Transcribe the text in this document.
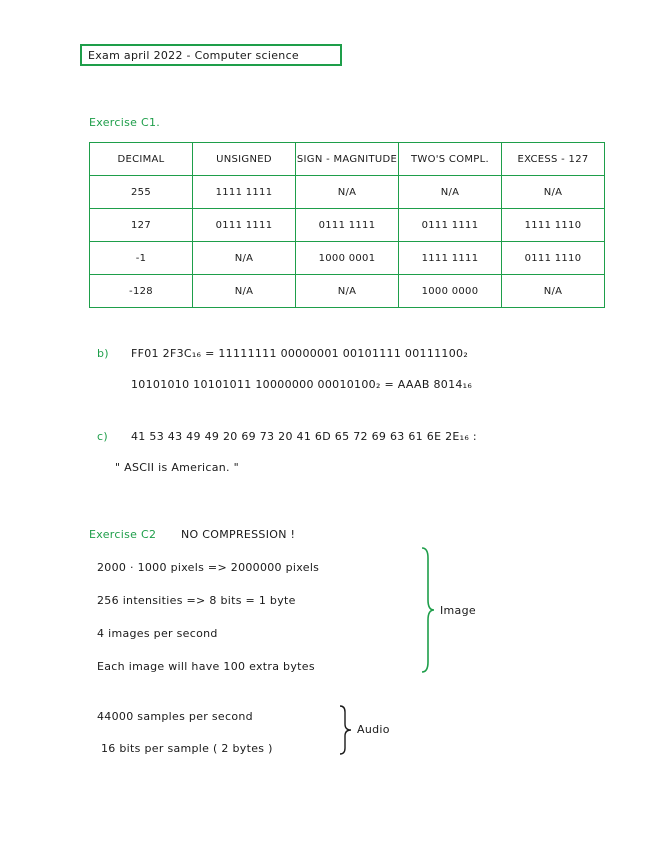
Exam april 2022 - Computer science
Exercise C1.
DECIMAL	UNSIGNED	SIGN - MAGNITUDE	TWO'S COMPL.	EXCESS - 127
255	1111 1111	N/A	N/A	N/A
127	0111 1111	0111 1111	0111 1111	1111 1110
-1	N/A	1000 0001	1111 1111	0111 1110
-128	N/A	N/A	1000 0000	N/A
b) FF01 2F3C₁₆ = 11111111 00000001 00101111 00111100₂
10101010 10101011 10000000 00010100₂ = AAAB 8014₁₆
c) 41 53 43 49 49 20 69 73 20 41 6D 65 72 69 63 61 6E 2E₁₆ :
" ASCII is American. "
Exercise C2 NO COMPRESSION !
2000 · 1000 pixels => 2000000 pixels
256 intensities => 8 bits = 1 byte
4 images per second
Each image will have 100 extra bytes
Image
44000 samples per second
16 bits per sample ( 2 bytes )
Audio
